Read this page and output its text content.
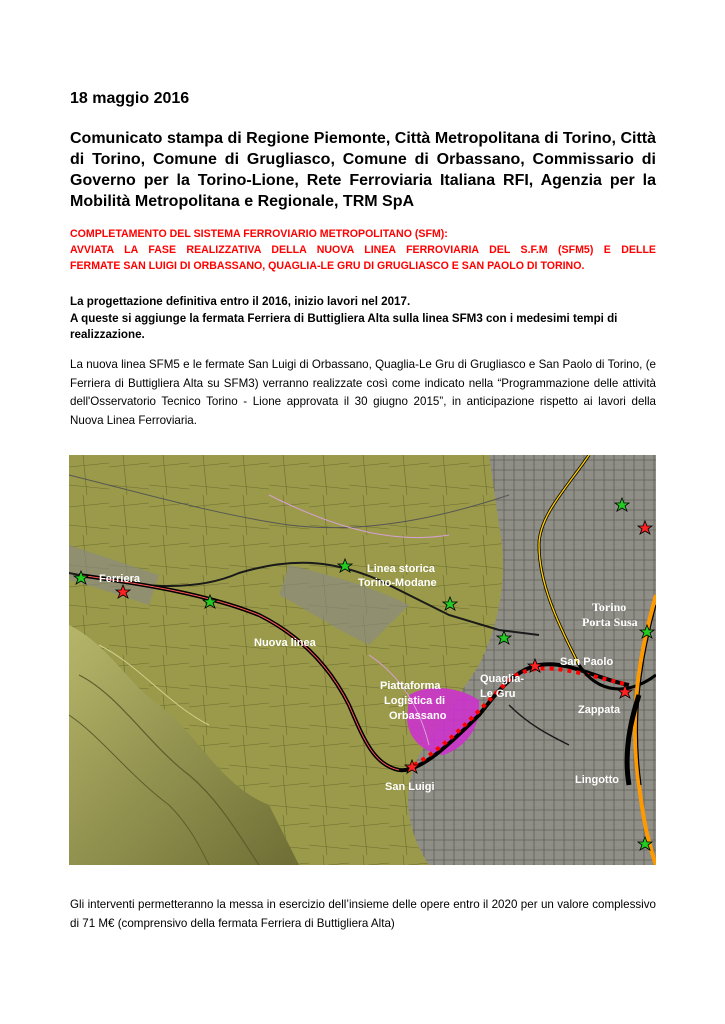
18 maggio 2016
Comunicato stampa di Regione Piemonte, Città Metropolitana di Torino, Città di Torino, Comune di Grugliasco, Comune di Orbassano, Commissario di Governo per la Torino-Lione, Rete Ferroviaria Italiana RFI, Agenzia per la Mobilità Metropolitana e Regionale, TRM SpA
COMPLETAMENTO DEL SISTEMA FERROVIARIO METROPOLITANO (SFM):
AVVIATA LA FASE REALIZZATIVA DELLA NUOVA LINEA FERROVIARIA DEL S.F.M (SFM5) E DELLE
FERMATE SAN LUIGI DI ORBASSANO, QUAGLIA-LE GRU DI GRUGLIASCO E SAN PAOLO DI TORINO.
La progettazione definitiva entro il 2016, inizio lavori nel 2017.
A queste si aggiunge la fermata Ferriera di Buttigliera Alta sulla linea SFM3 con i medesimi tempi di realizzazione.
La nuova linea SFM5 e le fermate San Luigi di Orbassano, Quaglia-Le Gru di Grugliasco e San Paolo di Torino, (e Ferriera di Buttigliera Alta su SFM3) verranno realizzate così come indicato nella “Programmazione delle attività dell'Osservatorio Tecnico Torino - Lione approvata il 30 giugno 2015”, in anticipazione rispetto ai lavori della Nuova Linea Ferroviaria.
Ferriera
Linea storica
Torino-Modane
Nuova linea
Torino
Porta Susa
San Paolo
Quaglia-
Le Gru
Piattaforma
Logistica di
Orbassano	Zappata
San Luigi
Lingotto
Gli interventi permetteranno la messa in esercizio dell’insieme delle opere entro il 2020 per un valore complessivo di 71 M€ (comprensivo della fermata Ferriera di Buttigliera Alta)
